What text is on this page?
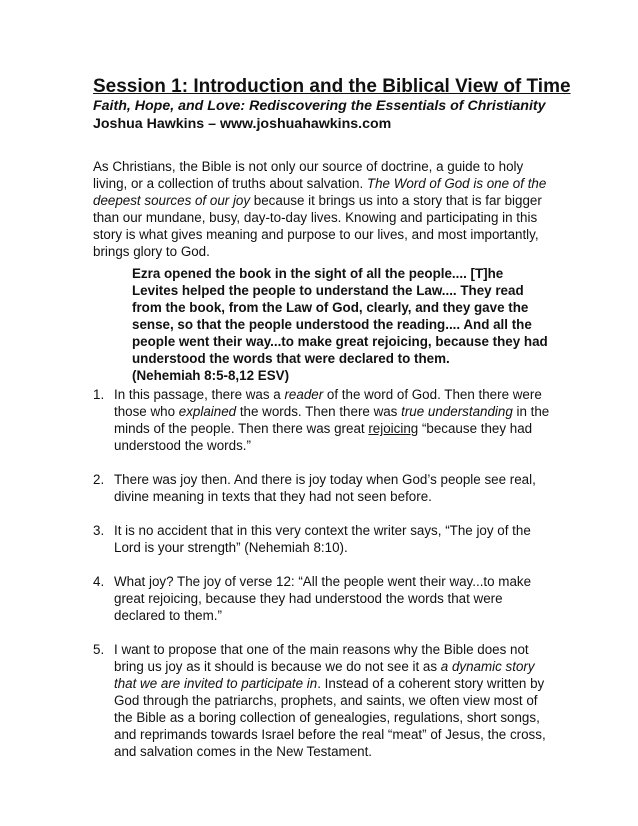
Session 1: Introduction and the Biblical View of Time
Faith, Hope, and Love: Rediscovering the Essentials of Christianity
Joshua Hawkins – www.joshuahawkins.com

As Christians, the Bible is not only our source of doctrine, a guide to holy living, or a collection of truths about salvation. The Word of God is one of the deepest sources of our joy because it brings us into a story that is far bigger than our mundane, busy, day-to-day lives. Knowing and participating in this story is what gives meaning and purpose to our lives, and most importantly, brings glory to God.

Ezra opened the book in the sight of all the people.... [T]he Levites helped the people to understand the Law.... They read from the book, from the Law of God, clearly, and they gave the sense, so that the people understood the reading.... And all the people went their way...to make great rejoicing, because they had understood the words that were declared to them.
(Nehemiah 8:5-8,12 ESV)
1. In this passage, there was a reader of the word of God. Then there were those who explained the words. Then there was true understanding in the minds of the people. Then there was great rejoicing “because they had understood the words.”
2. There was joy then. And there is joy today when God’s people see real, divine meaning in texts that they had not seen before.
3. It is no accident that in this very context the writer says, “The joy of the Lord is your strength” (Nehemiah 8:10).
4. What joy? The joy of verse 12: “All the people went their way...to make great rejoicing, because they had understood the words that were declared to them.”
5. I want to propose that one of the main reasons why the Bible does not bring us joy as it should is because we do not see it as a dynamic story that we are invited to participate in. Instead of a coherent story written by God through the patriarchs, prophets, and saints, we often view most of the Bible as a boring collection of genealogies, regulations, short songs, and reprimands towards Israel before the real “meat” of Jesus, the cross, and salvation comes in the New Testament.
